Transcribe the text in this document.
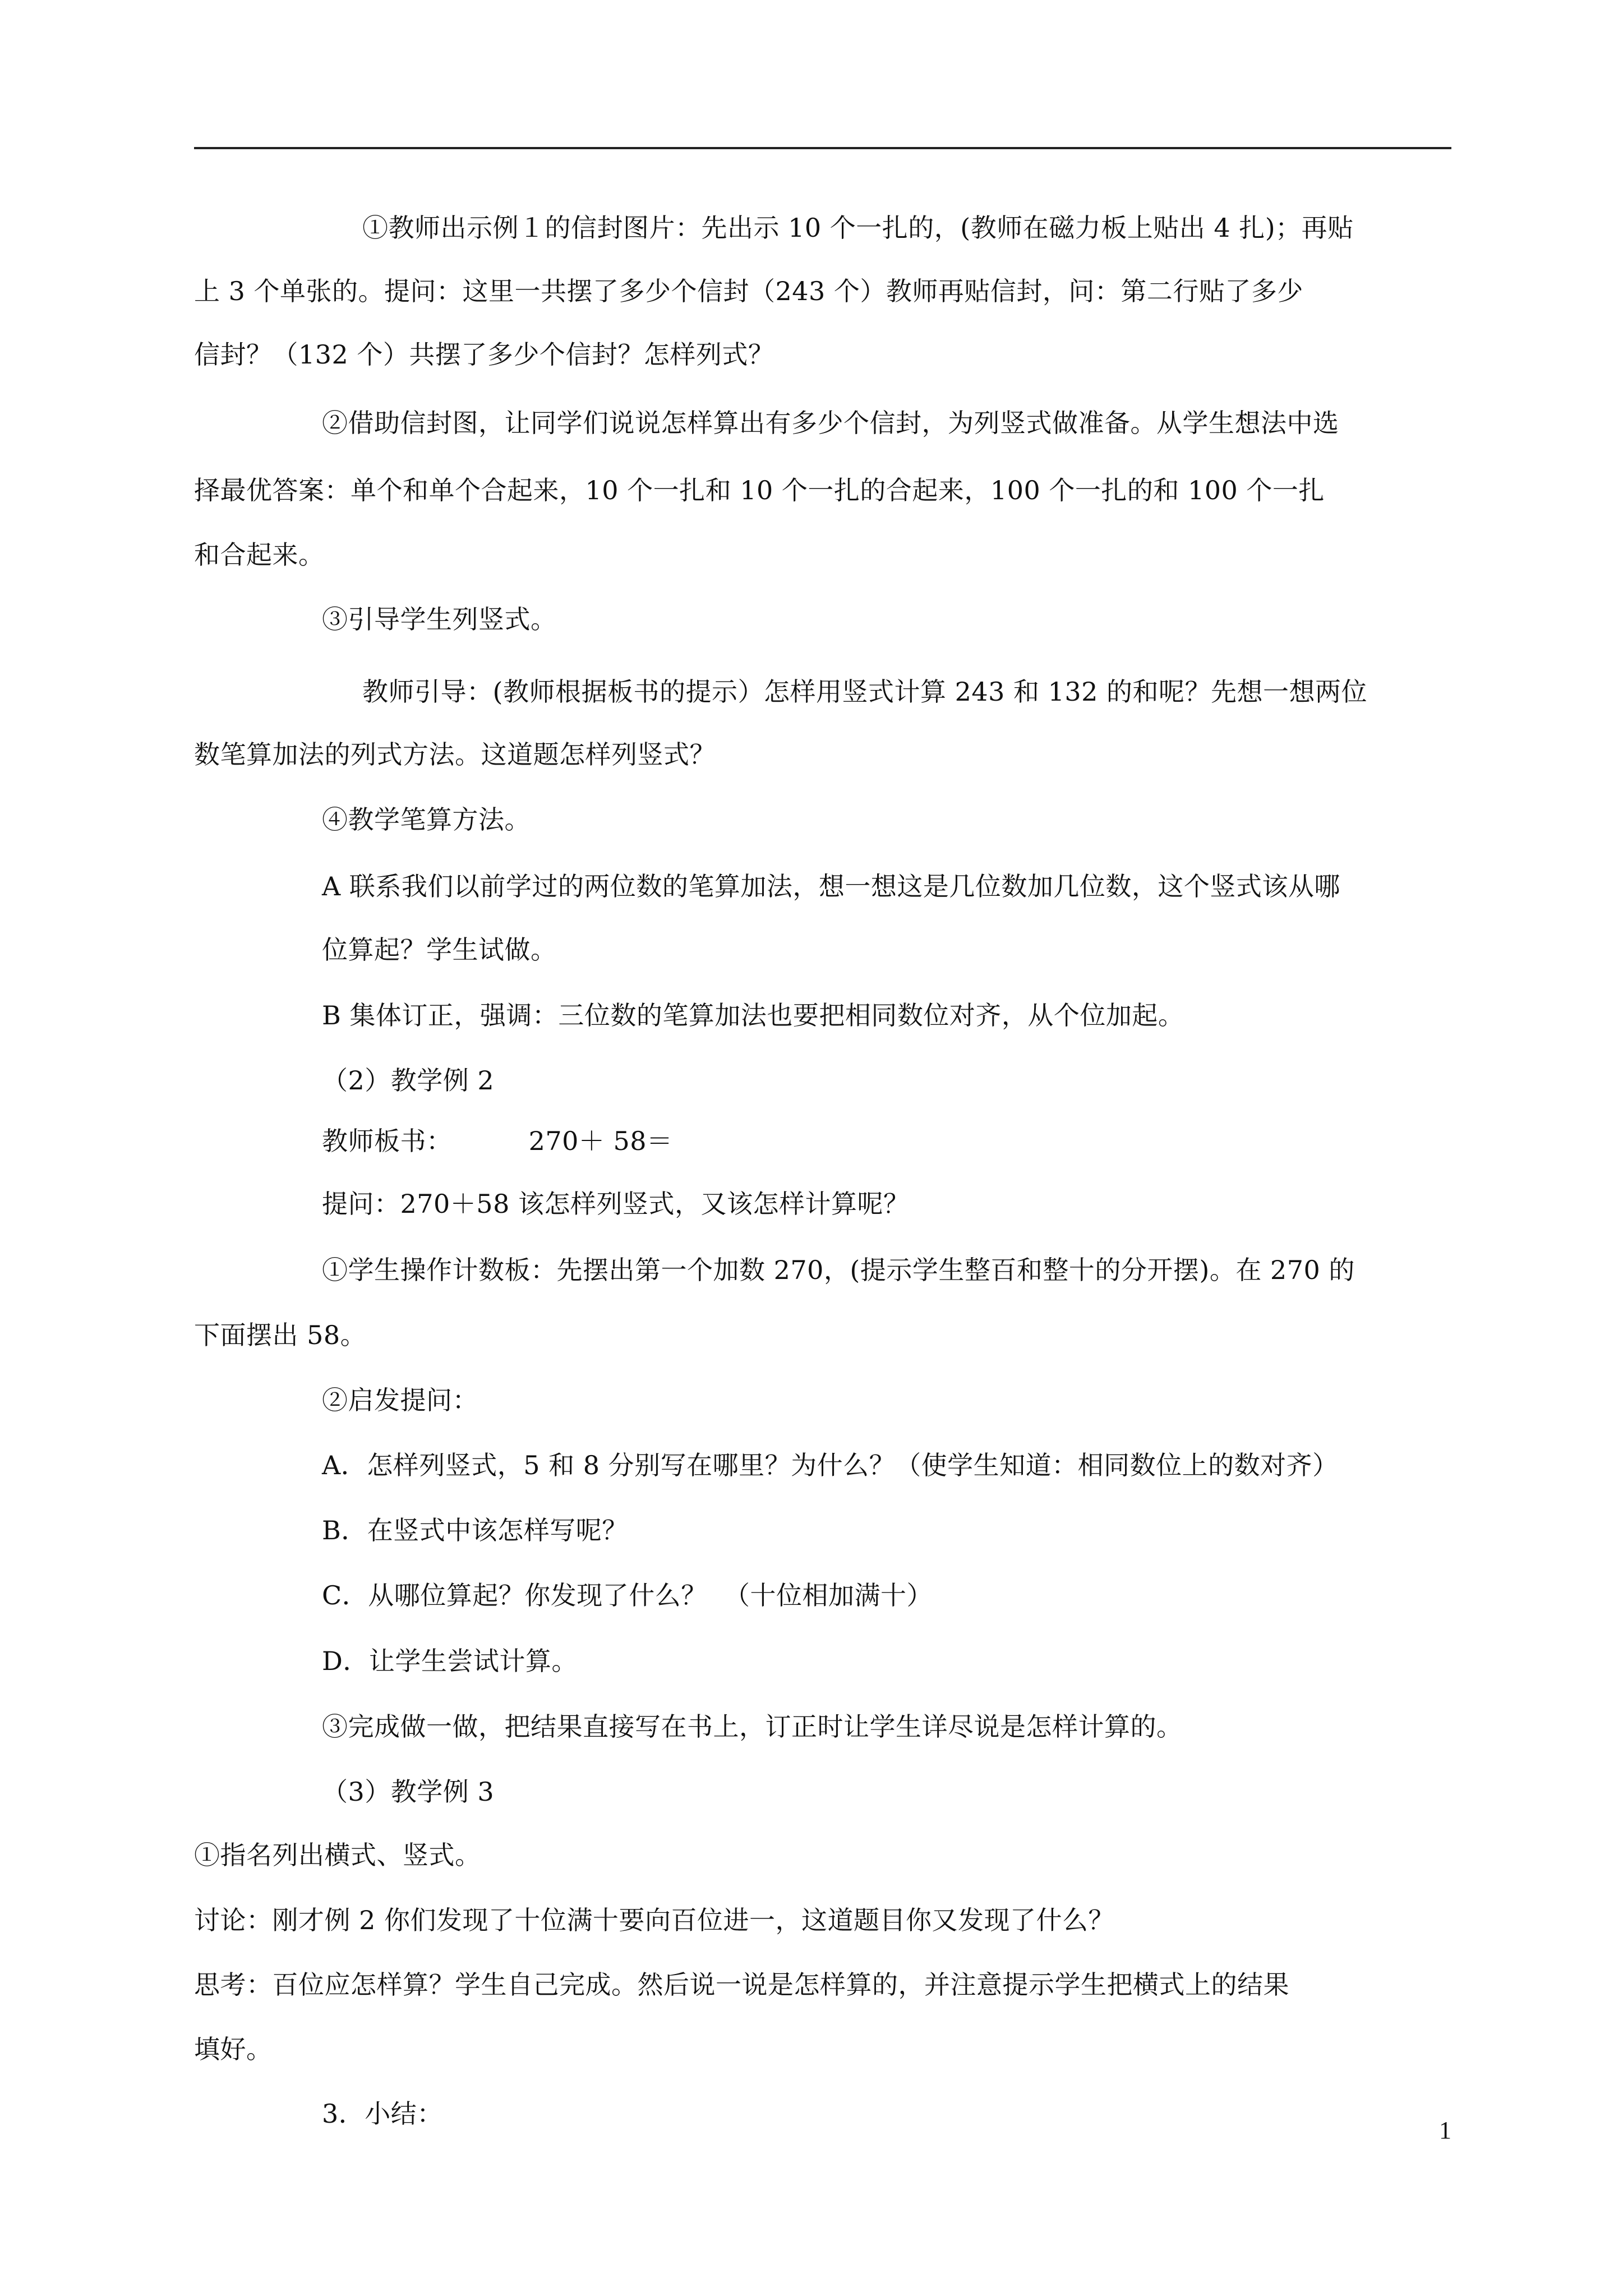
①教师出示例１的信封图片：先出示 10 个一扎的，(教师在磁力板上贴出 4 扎)；再贴
上 3 个单张的。提问：这里一共摆了多少个信封（243 个）教师再贴信封，问：第二行贴了多少
信封？（132 个）共摆了多少个信封？怎样列式？
②借助信封图，让同学们说说怎样算出有多少个信封，为列竖式做准备。从学生想法中选
择最优答案：单个和单个合起来，10 个一扎和 10 个一扎的合起来，100 个一扎的和 100 个一扎
和合起来。
③引导学生列竖式。
教师引导：(教师根据板书的提示）怎样用竖式计算 243 和 132 的和呢？先想一想两位
数笔算加法的列式方法。这道题怎样列竖式？
④教学笔算方法。
A 联系我们以前学过的两位数的笔算加法，想一想这是几位数加几位数，这个竖式该从哪
位算起？学生试做。
B 集体订正，强调：三位数的笔算加法也要把相同数位对齐，从个位加起。
（2）教学例 2
教师板书：         270＋ 58＝
提问：270＋58 该怎样列竖式，又该怎样计算呢？
①学生操作计数板：先摆出第一个加数 270，(提示学生整百和整十的分开摆)。在 270 的
下面摆出 58。
②启发提问：
A．怎样列竖式，5 和 8 分别写在哪里？为什么？（使学生知道：相同数位上的数对齐）
B．在竖式中该怎样写呢？
C．从哪位算起？你发现了什么？  （十位相加满十）
D．让学生尝试计算。
③完成做一做，把结果直接写在书上，订正时让学生详尽说是怎样计算的。
（3）教学例 3
①指名列出横式、竖式。
讨论：刚才例 2 你们发现了十位满十要向百位进一，这道题目你又发现了什么？
思考：百位应怎样算？学生自己完成。然后说一说是怎样算的，并注意提示学生把横式上的结果
填好。
3．小结：
1
